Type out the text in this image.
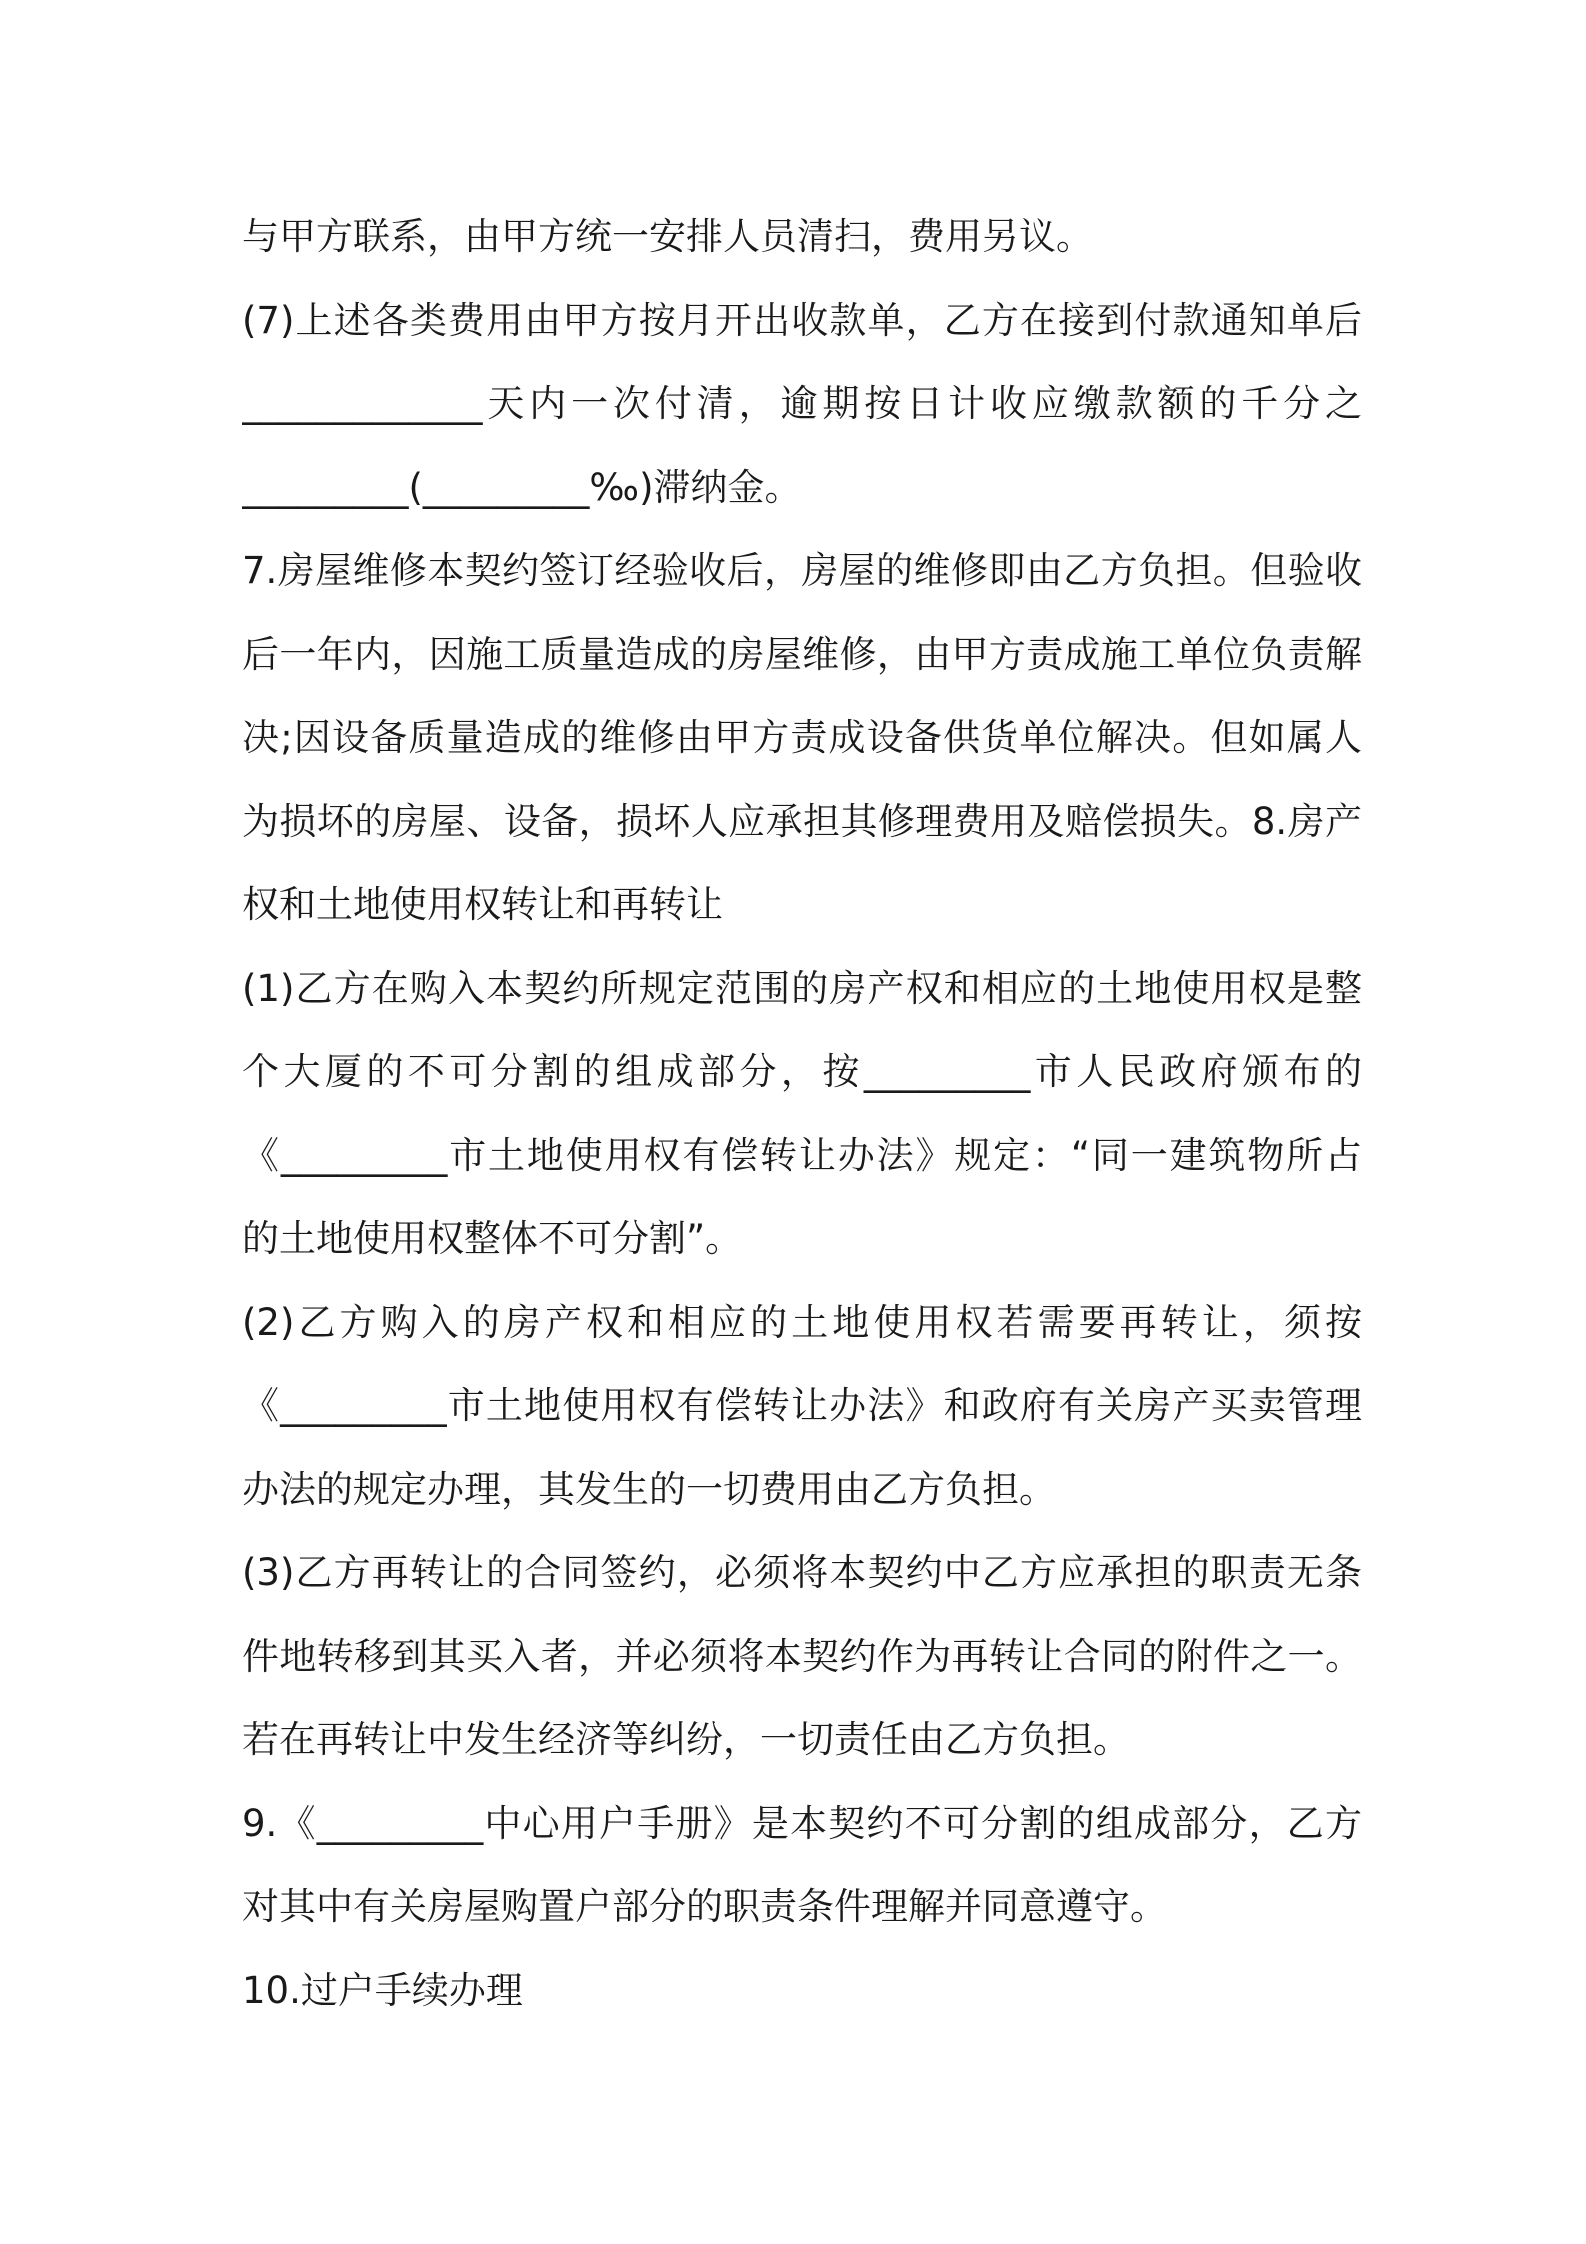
与甲方联系，由甲方统一安排人员清扫，费用另议。
(7)上述各类费用由甲方按月开出收款单，乙方在接到付款通知单后
_____________天内一次付清，逾期按日计收应缴款额的千分之
_________(_________‰)滞纳金。
7.房屋维修本契约签订经验收后，房屋的维修即由乙方负担。但验收
后一年内，因施工质量造成的房屋维修，由甲方责成施工单位负责解
决;因设备质量造成的维修由甲方责成设备供货单位解决。但如属人
为损坏的房屋、设备，损坏人应承担其修理费用及赔偿损失。8.房产
权和土地使用权转让和再转让
(1)乙方在购入本契约所规定范围的房产权和相应的土地使用权是整
个大厦的不可分割的组成部分，按_________市人民政府颁布的
《_________市土地使用权有偿转让办法》规定：“同一建筑物所占
的土地使用权整体不可分割”。
(2)乙方购入的房产权和相应的土地使用权若需要再转让，须按
《_________市土地使用权有偿转让办法》和政府有关房产买卖管理
办法的规定办理，其发生的一切费用由乙方负担。
(3)乙方再转让的合同签约，必须将本契约中乙方应承担的职责无条
件地转移到其买入者，并必须将本契约作为再转让合同的附件之一。
若在再转让中发生经济等纠纷，一切责任由乙方负担。
9.《_________中心用户手册》是本契约不可分割的组成部分，乙方
对其中有关房屋购置户部分的职责条件理解并同意遵守。
10.过户手续办理
